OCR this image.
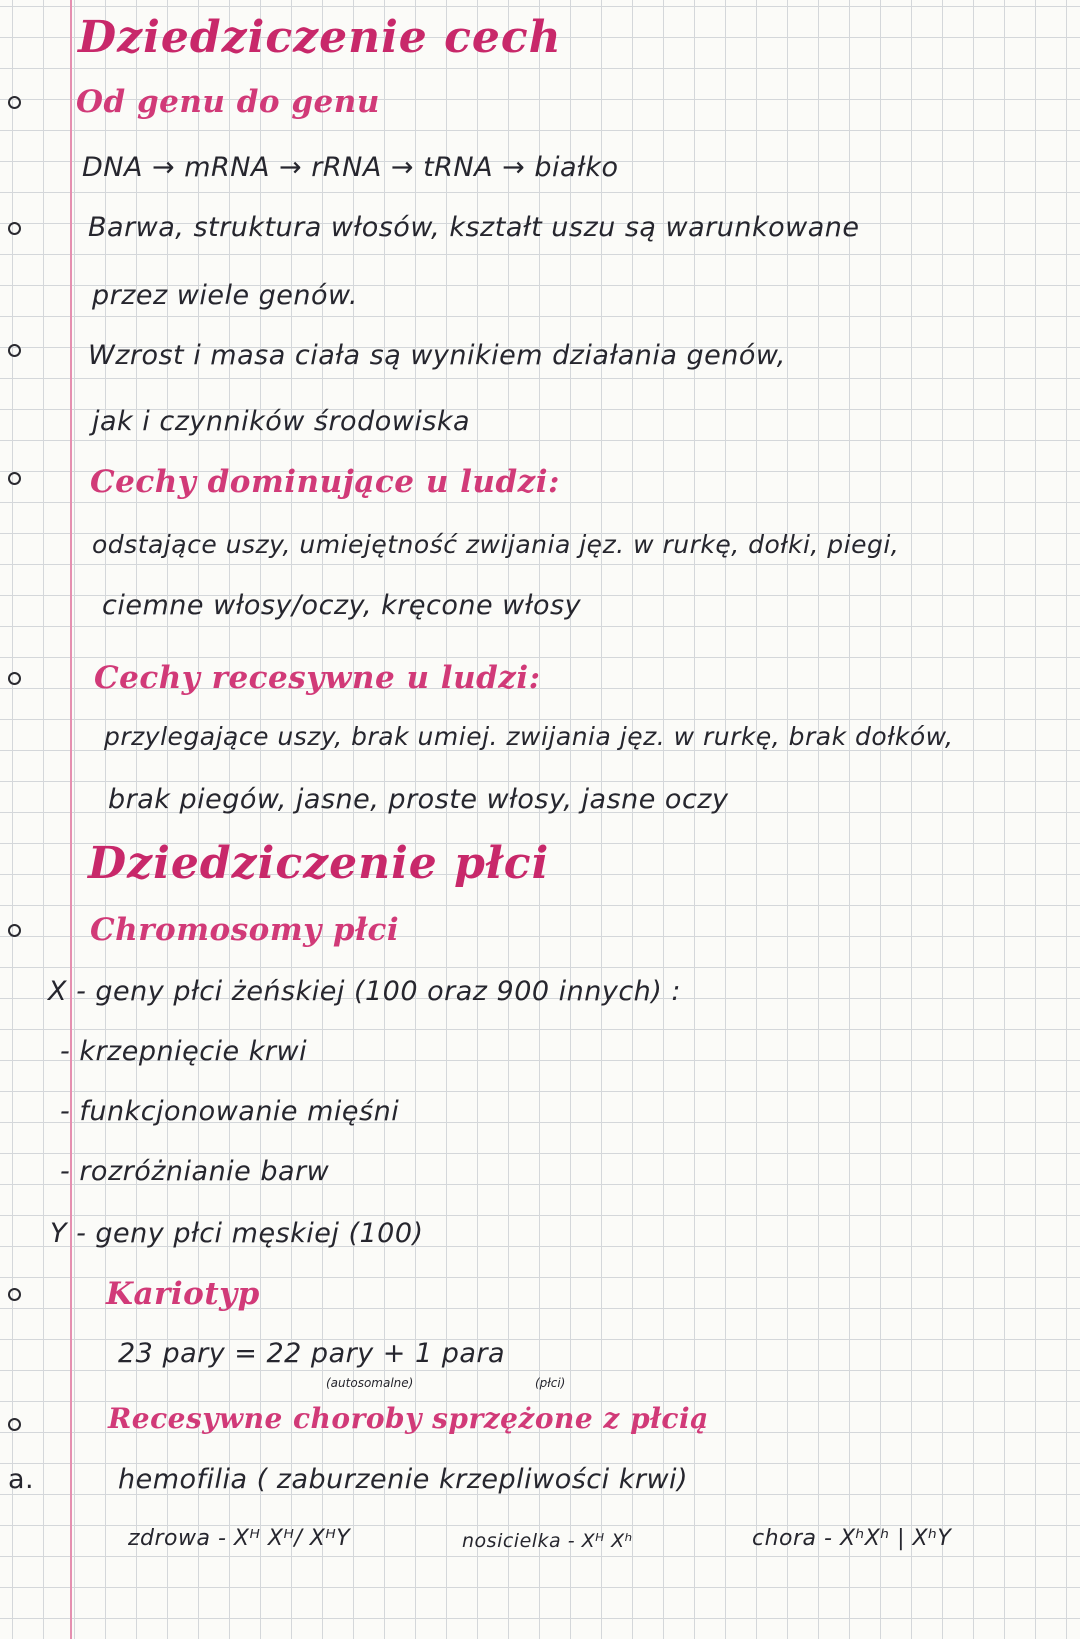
Dziedziczenie cech
Od genu do genu
DNA → mRNA → rRNA → tRNA → białko
Barwa, struktura włosów, kształt uszu są warunkowane
przez wiele genów.
Wzrost i masa ciała są wynikiem działania genów,
jak i czynników środowiska
Cechy dominujące u ludzi:
odstające uszy, umiejętność zwijania jęz. w rurkę, dołki, piegi,
ciemne włosy/oczy, kręcone włosy
Cechy recesywne u ludzi:
przylegające uszy, brak umiej. zwijania jęz. w rurkę, brak dołków,
brak piegów, jasne, proste włosy, jasne oczy
Dziedziczenie płci
Chromosomy płci
X - geny płci żeńskiej (100 oraz 900 innych) :
- krzepnięcie krwi
- funkcjonowanie mięśni
- rozróżnianie barw
Y - geny płci męskiej (100)
Kariotyp
23 pary = 22 pary + 1 para
(autosomalne)	(płci)
Recesywne choroby sprzężone z płcią
a.	hemofilia ( zaburzenie krzepliwości krwi)
zdrowa - Xᴴ Xᴴ/ XᴴY	nosicielka - Xᴴ Xʰ	chora - XʰXʰ | XʰY
